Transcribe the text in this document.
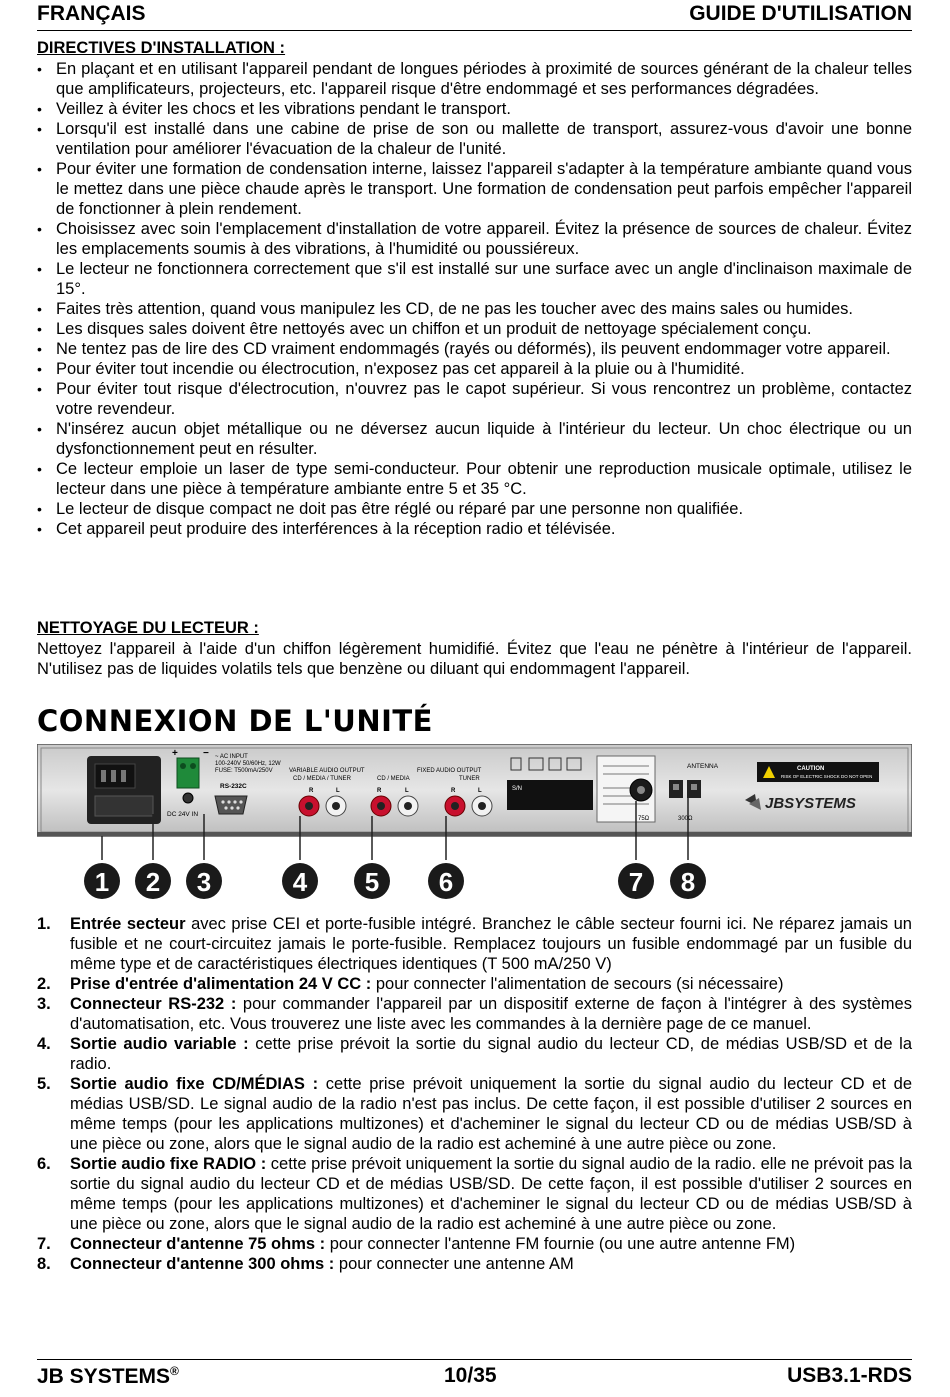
FRANÇAIS	GUIDE D'UTILISATION
DIRECTIVES D'INSTALLATION :
• En plaçant et en utilisant l'appareil pendant de longues périodes à proximité de sources générant de la chaleur telles que amplificateurs, projecteurs, etc. l'appareil risque d'être endommagé et ses performances dégradées.
• Veillez à éviter les chocs et les vibrations pendant le transport.
• Lorsqu'il est installé dans une cabine de prise de son ou mallette de transport, assurez-vous d'avoir une bonne ventilation pour améliorer l'évacuation de la chaleur de l'unité.
• Pour éviter une formation de condensation interne, laissez l'appareil s'adapter à la température ambiante quand vous le mettez dans une pièce chaude après le transport. Une formation de condensation peut parfois empêcher l'appareil de fonctionner à plein rendement.
• Choisissez avec soin l'emplacement d'installation de votre appareil. Évitez la présence de sources de chaleur. Évitez les emplacements soumis à des vibrations, à l'humidité ou poussiéreux.
• Le lecteur ne fonctionnera correctement que s'il est installé sur une surface avec un angle d'inclinaison maximale de 15°.
• Faites très attention, quand vous manipulez les CD, de ne pas les toucher avec des mains sales ou humides.
• Les disques sales doivent être nettoyés avec un chiffon et un produit de nettoyage spécialement conçu.
• Ne tentez pas de lire des CD vraiment endommagés (rayés ou déformés), ils peuvent endommager votre appareil.
• Pour éviter tout incendie ou électrocution, n'exposez pas cet appareil à la pluie ou à l'humidité.
• Pour éviter tout risque d'électrocution, n'ouvrez pas le capot supérieur. Si vous rencontrez un problème, contactez votre revendeur.
• N'insérez aucun objet métallique ou ne déversez aucun liquide à l'intérieur du lecteur. Un choc électrique ou un dysfonctionnement peut en résulter.
• Ce lecteur emploie un laser de type semi-conducteur. Pour obtenir une reproduction musicale optimale, utilisez le lecteur dans une pièce à température ambiante entre 5 et 35 °C.
• Le lecteur de disque compact ne doit pas être réglé ou réparé par une personne non qualifiée.
• Cet appareil peut produire des interférences à la réception radio et télévisée.
NETTOYAGE DU LECTEUR :
Nettoyez l'appareil à l'aide d'un chiffon légèrement humidifié. Évitez que l'eau ne pénètre à l'intérieur de l'appareil. N'utilisez pas de liquides volatils tels que benzène ou diluant qui endommagent l'appareil.
CONNEXION DE L'UNITÉ
+	−
DC 24V IN
~ AC INPUT
100-240V 50/60Hz, 12W
FUSE: T500mA/250V
RS-232C
VARIABLE AUDIO OUTPUT
CD / MEDIA / TUNER
R	L
FIXED AUDIO OUTPUT
CD / MEDIA	TUNER
R	L	R	L	S/N
ANTENNA
75Ω	300Ω
CAUTION
RISK OF ELECTRIC SHOCK DO NOT OPEN
JBSYSTEMS
1 2 3	4 5 6	7 8
1. Entrée secteur avec prise CEI et porte-fusible intégré. Branchez le câble secteur fourni ici. Ne réparez jamais un fusible et ne court-circuitez jamais le porte-fusible. Remplacez toujours un fusible endommagé par un fusible du même type et de caractéristiques électriques identiques (T 500 mA/250 V)
2. Prise d'entrée d'alimentation 24 V CC : pour connecter l'alimentation de secours (si nécessaire)
3. Connecteur RS-232 : pour commander l'appareil par un dispositif externe de façon à l'intégrer à des systèmes d'automatisation, etc. Vous trouverez une liste avec les commandes à la dernière page de ce manuel.
4. Sortie audio variable : cette prise prévoit la sortie du signal audio du lecteur CD, de médias USB/SD et de la radio.
5. Sortie audio fixe CD/MÉDIAS : cette prise prévoit uniquement la sortie du signal audio du lecteur CD et de médias USB/SD. Le signal audio de la radio n'est pas inclus. De cette façon, il est possible d'utiliser 2 sources en même temps (pour les applications multizones) et d'acheminer le signal du lecteur CD ou de médias USB/SD à une pièce ou zone, alors que le signal audio de la radio est acheminé à une autre pièce ou zone.
6. Sortie audio fixe RADIO : cette prise prévoit uniquement la sortie du signal audio de la radio. elle ne prévoit pas la sortie du signal audio du lecteur CD et de médias USB/SD. De cette façon, il est possible d'utiliser 2 sources en même temps (pour les applications multizones) et d'acheminer le signal du lecteur CD ou de médias USB/SD à une pièce ou zone, alors que le signal audio de la radio est acheminé à une autre pièce ou zone.
7. Connecteur d'antenne 75 ohms : pour connecter l'antenne FM fournie (ou une autre antenne FM)
8. Connecteur d'antenne 300 ohms : pour connecter une antenne AM
JB SYSTEMS®	10/35	USB3.1-RDS
